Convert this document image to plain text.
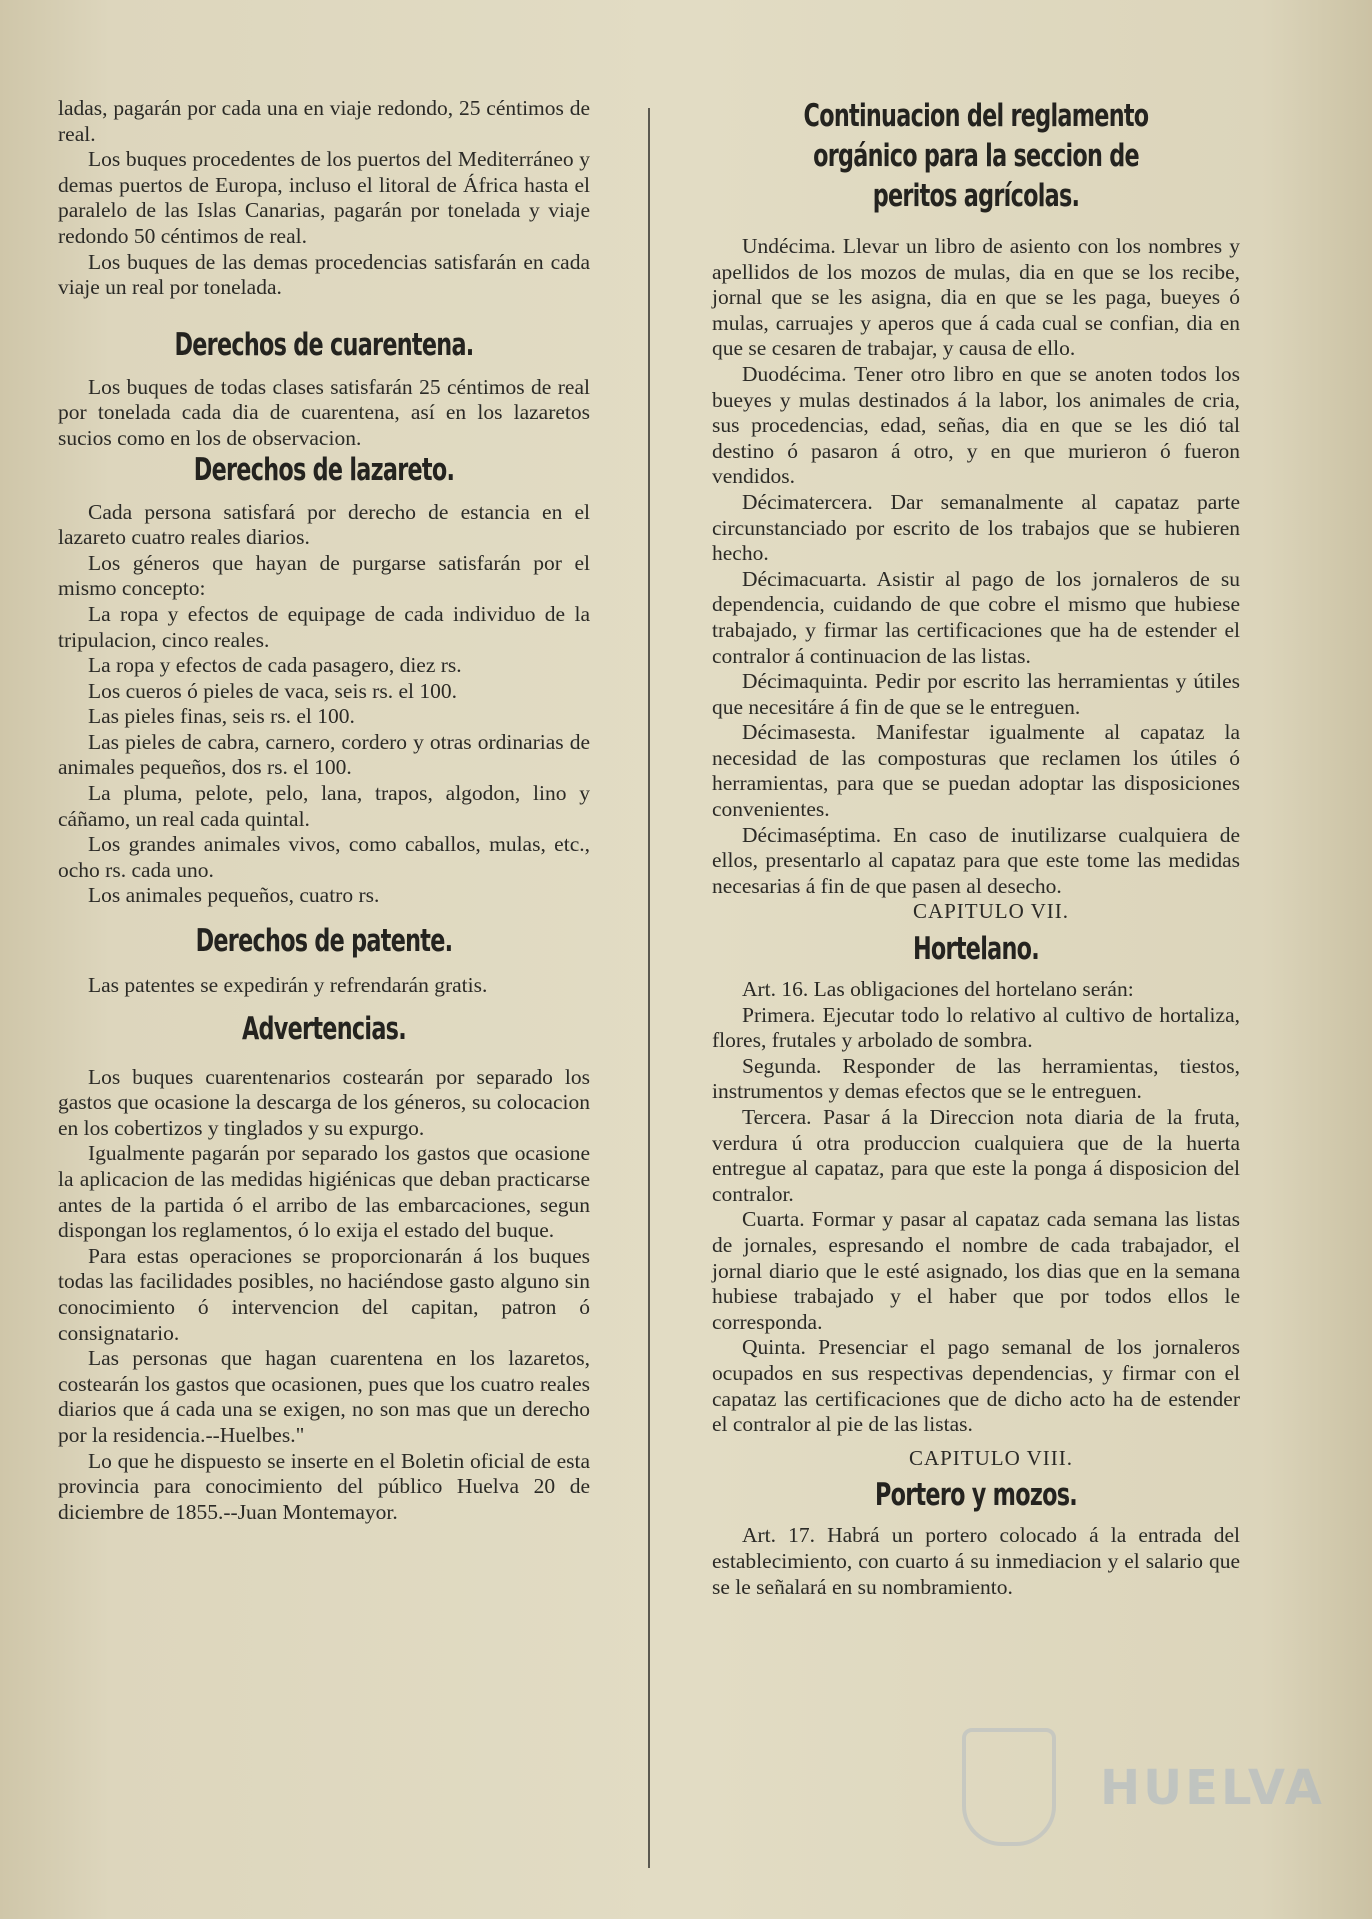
ladas, pagarán por cada una en viaje redondo, 25 céntimos de real.

Los buques procedentes de los puertos del Mediterráneo y demas puertos de Europa, incluso el litoral de África hasta el paralelo de las Islas Canarias, pagarán por tonelada y viaje redondo 50 céntimos de real.

Los buques de las demas procedencias satisfarán en cada viaje un real por tonelada.

Derechos de cuarentena.

Los buques de todas clases satisfarán 25 céntimos de real por tonelada cada dia de cuarentena, así en los lazaretos sucios como en los de observacion.

Derechos de lazareto.

Cada persona satisfará por derecho de estancia en el lazareto cuatro reales diarios.

Los géneros que hayan de purgarse satisfarán por el mismo concepto:

La ropa y efectos de equipage de cada individuo de la tripulacion, cinco reales.

La ropa y efectos de cada pasagero, diez rs.

Los cueros ó pieles de vaca, seis rs. el 100.

Las pieles finas, seis rs. el 100.

Las pieles de cabra, carnero, cordero y otras ordinarias de animales pequeños, dos rs. el 100.

La pluma, pelote, pelo, lana, trapos, algodon, lino y cáñamo, un real cada quintal.

Los grandes animales vivos, como caballos, mulas, etc., ocho rs. cada uno.

Los animales pequeños, cuatro rs.

Derechos de patente.

Las patentes se expedirán y refrendarán gratis.

Advertencias.

Los buques cuarentenarios costearán por separado los gastos que ocasione la descarga de los géneros, su colocacion en los cobertizos y tinglados y su expurgo.

Igualmente pagarán por separado los gastos que ocasione la aplicacion de las medidas higiénicas que deban practicarse antes de la partida ó el arribo de las embarcaciones, segun dispongan los reglamentos, ó lo exija el estado del buque.

Para estas operaciones se proporcionarán á los buques todas las facilidades posibles, no haciéndose gasto alguno sin conocimiento ó intervencion del capitan, patron ó consignatario.

Las personas que hagan cuarentena en los lazaretos, costearán los gastos que ocasionen, pues que los cuatro reales diarios que á cada una se exigen, no son mas que un derecho por la residencia.--Huelbes."

Lo que he dispuesto se inserte en el Boletin oficial de esta provincia para conocimiento del público Huelva 20 de diciembre de 1855.--Juan Montemayor.

Continuacion del reglamento orgánico para la seccion de peritos agrícolas.

Undécima. Llevar un libro de asiento con los nombres y apellidos de los mozos de mulas, dia en que se los recibe, jornal que se les asigna, dia en que se les paga, bueyes ó mulas, carruajes y aperos que á cada cual se confian, dia en que se cesaren de trabajar, y causa de ello.

Duodécima. Tener otro libro en que se anoten todos los bueyes y mulas destinados á la labor, los animales de cria, sus procedencias, edad, señas, dia en que se les dió tal destino ó pasaron á otro, y en que murieron ó fueron vendidos.

Décimatercera. Dar semanalmente al capataz parte circunstanciado por escrito de los trabajos que se hubieren hecho.

Décimacuarta. Asistir al pago de los jornaleros de su dependencia, cuidando de que cobre el mismo que hubiese trabajado, y firmar las certificaciones que ha de estender el contralor á continuacion de las listas.

Décimaquinta. Pedir por escrito las herramientas y útiles que necesitáre á fin de que se le entreguen.

Décimasesta. Manifestar igualmente al capataz la necesidad de las composturas que reclamen los útiles ó herramientas, para que se puedan adoptar las disposiciones convenientes.

Décimaséptima. En caso de inutilizarse cualquiera de ellos, presentarlo al capataz para que este tome las medidas necesarias á fin de que pasen al desecho.

CAPITULO VII.

Hortelano.

Art. 16. Las obligaciones del hortelano serán:

Primera. Ejecutar todo lo relativo al cultivo de hortaliza, flores, frutales y arbolado de sombra.

Segunda. Responder de las herramientas, tiestos, instrumentos y demas efectos que se le entreguen.

Tercera. Pasar á la Direccion nota diaria de la fruta, verdura ú otra produccion cualquiera que de la huerta entregue al capataz, para que este la ponga á disposicion del contralor.

Cuarta. Formar y pasar al capataz cada semana las listas de jornales, espresando el nombre de cada trabajador, el jornal diario que le esté asignado, los dias que en la semana hubiese trabajado y el haber que por todos ellos le corresponda.

Quinta. Presenciar el pago semanal de los jornaleros ocupados en sus respectivas dependencias, y firmar con el capataz las certificaciones que de dicho acto ha de estender el contralor al pie de las listas.

CAPITULO VIII.

Portero y mozos.

Art. 17. Habrá un portero colocado á la entrada del establecimiento, con cuarto á su inmediacion y el salario que se le señalará en su nombramiento.

HUELVA
